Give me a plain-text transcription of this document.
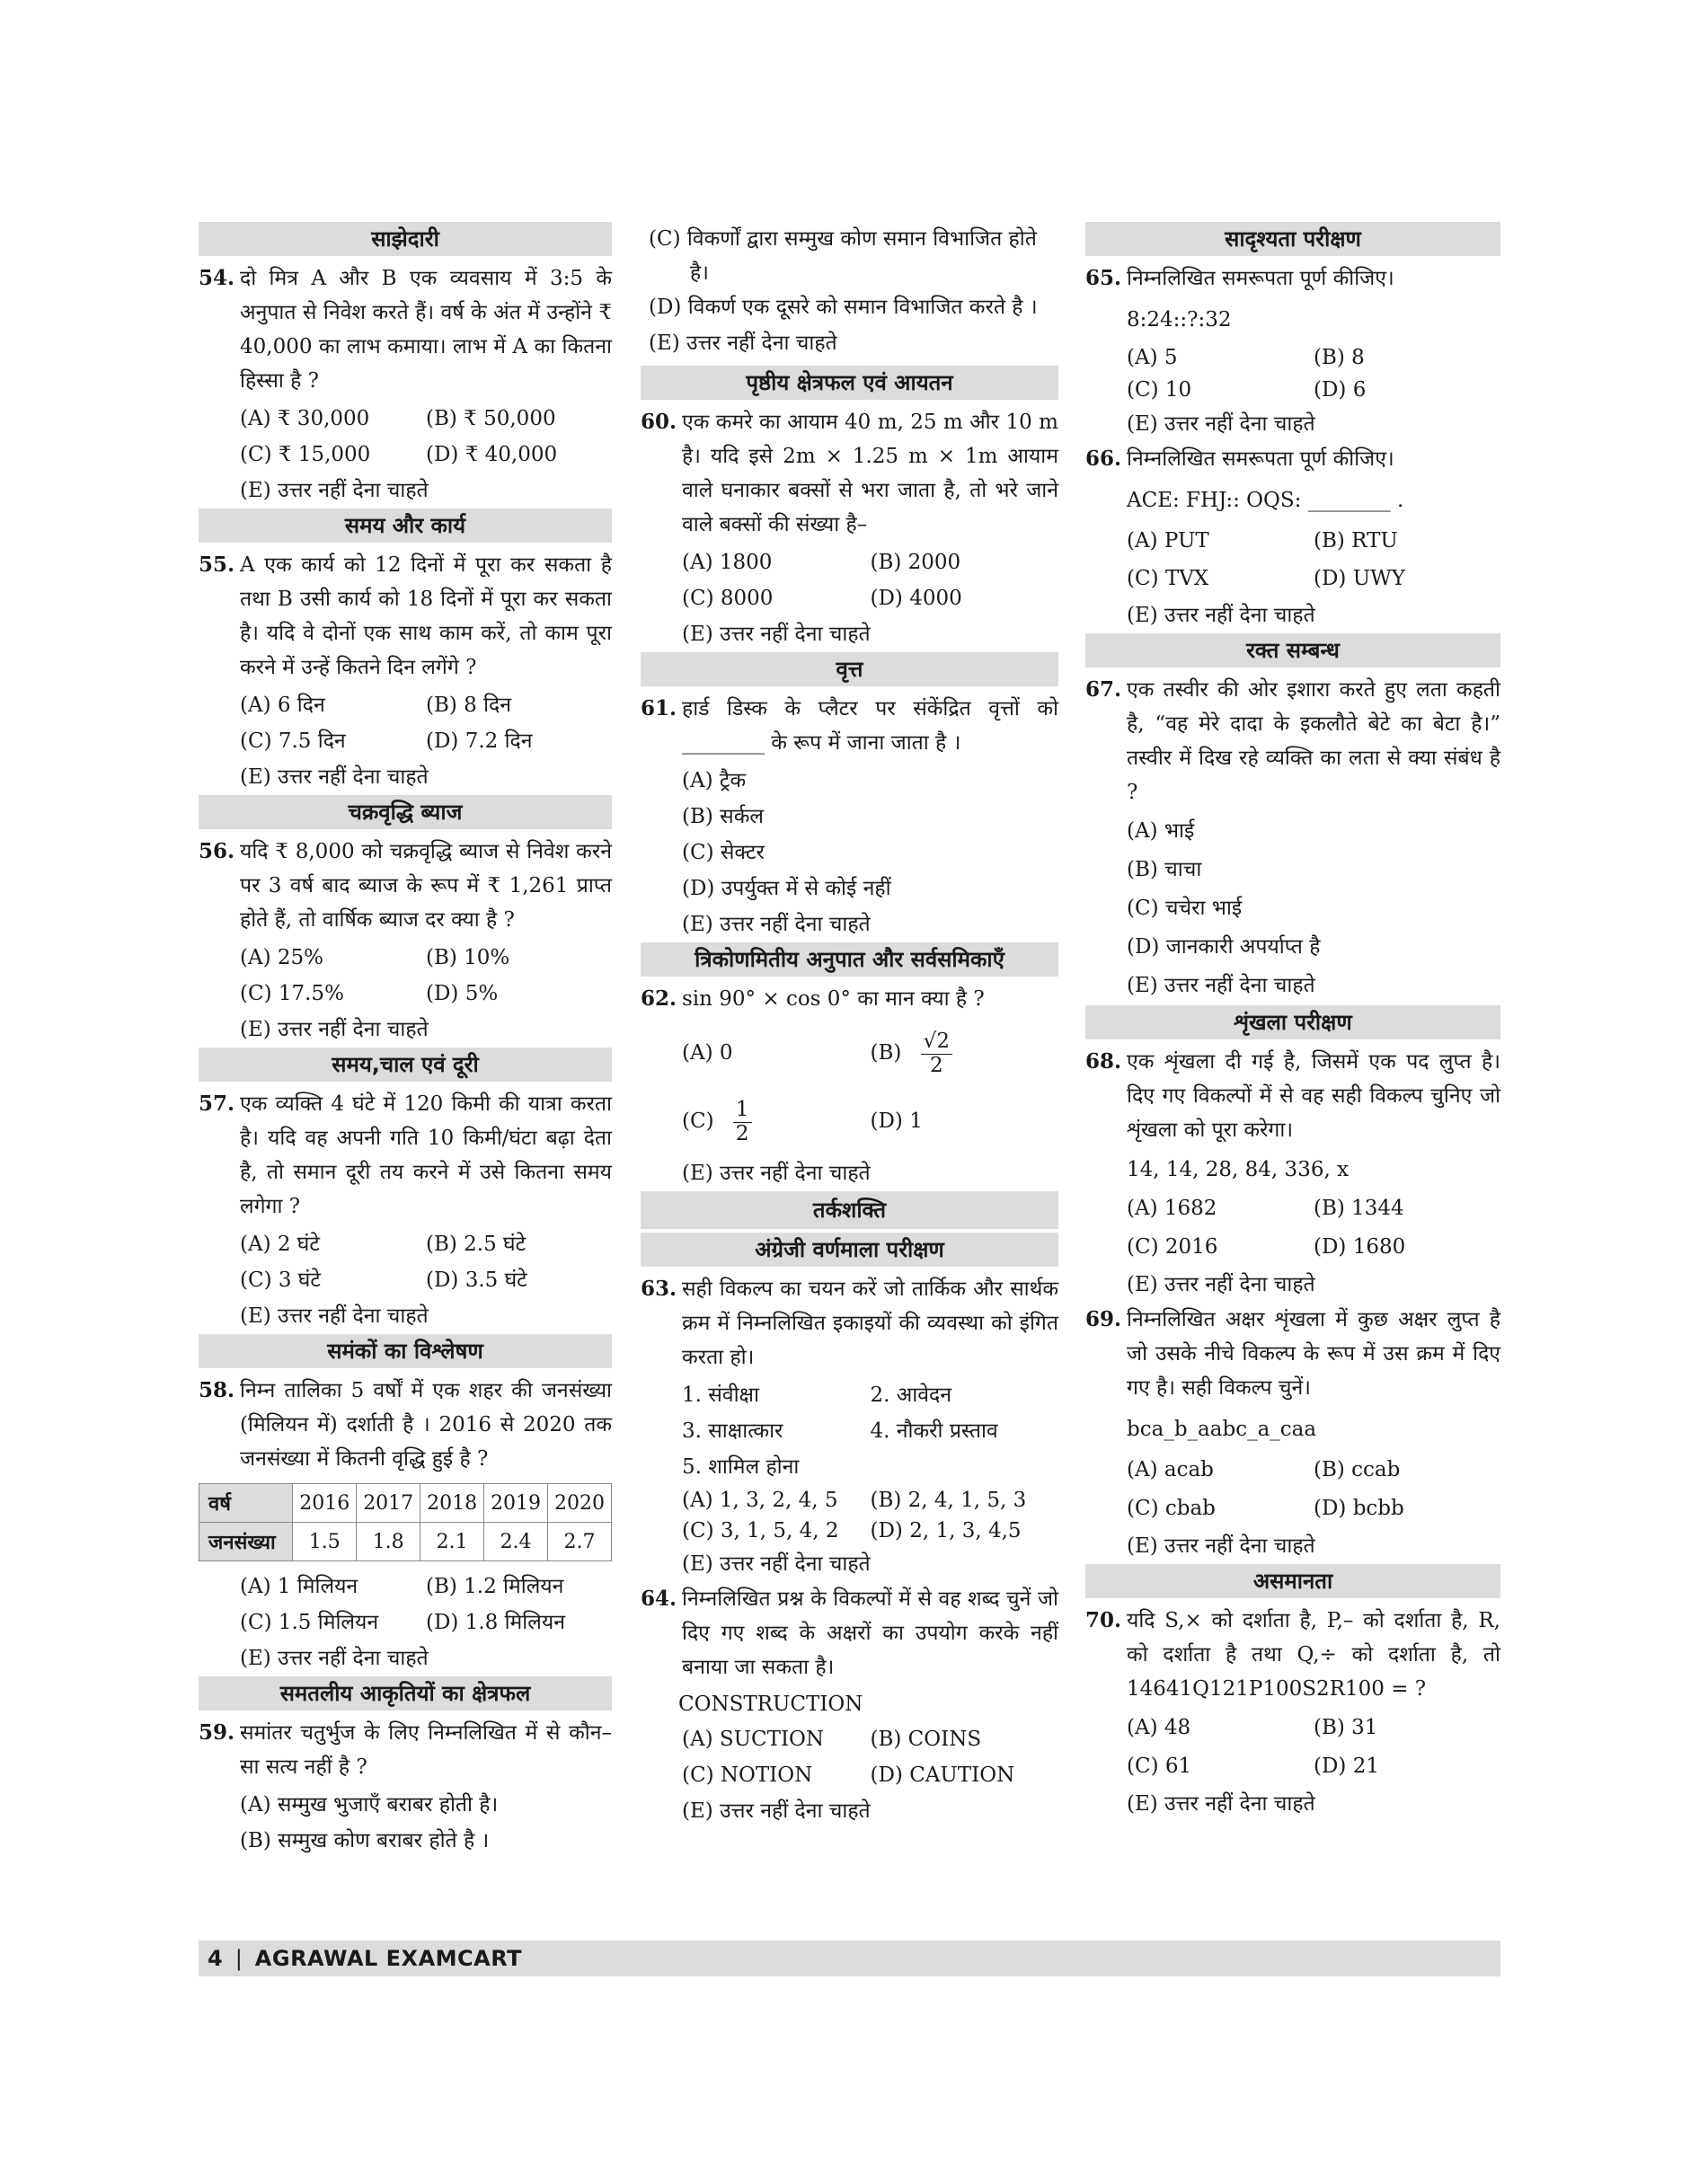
साझेदारी
54. दो मित्र A और B एक व्यवसाय में 3:5 के अनुपात से निवेश करते हैं। वर्ष के अंत में उन्होंने ₹ 40,000 का लाभ कमाया। लाभ में A का कितना हिस्सा है ?
(A) ₹ 30,000	(B) ₹ 50,000
(C) ₹ 15,000	(D) ₹ 40,000
(E) उत्तर नहीं देना चाहते
समय और कार्य
55. A एक कार्य को 12 दिनों में पूरा कर सकता है तथा B उसी कार्य को 18 दिनों में पूरा कर सकता है। यदि वे दोनों एक साथ काम करें, तो काम पूरा करने में उन्हें कितने दिन लगेंगे ?
(A) 6 दिन	(B) 8 दिन
(C) 7.5 दिन	(D) 7.2 दिन
(E) उत्तर नहीं देना चाहते
चक्रवृद्धि ब्याज
56. यदि ₹ 8,000 को चक्रवृद्धि ब्याज से निवेश करने पर 3 वर्ष बाद ब्याज के रूप में ₹ 1,261 प्राप्त होते हैं, तो वार्षिक ब्याज दर क्या है ?
(A) 25%	(B) 10%
(C) 17.5%	(D) 5%
(E) उत्तर नहीं देना चाहते
समय,चाल एवं दूरी
57. एक व्यक्ति 4 घंटे में 120 किमी की यात्रा करता है। यदि वह अपनी गति 10 किमी/घंटा बढ़ा देता है, तो समान दूरी तय करने में उसे कितना समय लगेगा ?
(A) 2 घंटे	(B) 2.5 घंटे
(C) 3 घंटे	(D) 3.5 घंटे
(E) उत्तर नहीं देना चाहते
समंकों का विश्लेषण
58. निम्न तालिका 5 वर्षों में एक शहर की जनसंख्या (मिलियन में) दर्शाती है । 2016 से 2020 तक जनसंख्या में कितनी वृद्धि हुई है ?
वर्ष	2016	2017	2018	2019	2020
जनसंख्या	1.5	1.8	2.1	2.4	2.7
(A) 1 मिलियन	(B) 1.2 मिलियन
(C) 1.5 मिलियन	(D) 1.8 मिलियन
(E) उत्तर नहीं देना चाहते
समतलीय आकृतियों का क्षेत्रफल
59. समांतर चतुर्भुज के लिए निम्नलिखित में से कौन–सा सत्य नहीं है ?
(A) सम्मुख भुजाएँ बराबर होती है।
(B) सम्मुख कोण बराबर होते है ।
(C) विकर्णों द्वारा सम्मुख कोण समान विभाजित होते है।
(D) विकर्ण एक दूसरे को समान विभाजित करते है ।
(E) उत्तर नहीं देना चाहते
पृष्ठीय क्षेत्रफल एवं आयतन
60. एक कमरे का आयाम 40 m, 25 m और 10 m है। यदि इसे 2m × 1.25 m × 1m आयाम वाले घनाकार बक्सों से भरा जाता है, तो भरे जाने वाले बक्सों की संख्या है–
(A) 1800	(B) 2000
(C) 8000	(D) 4000
(E) उत्तर नहीं देना चाहते
वृत्त
61. हार्ड डिस्क के प्लैटर पर संकेंद्रित वृत्तों को ________ के रूप में जाना जाता है ।
(A) ट्रैक
(B) सर्कल
(C) सेक्टर
(D) उपर्युक्त में से कोई नहीं
(E) उत्तर नहीं देना चाहते
त्रिकोणमितीय अनुपात और सर्वसमिकाएँ
62. sin 90° × cos 0° का मान क्या है ?
(A) 0	$(B) \frac{√2}{2}$
$(C) \frac{1}{2}$	(D) 1
(E) उत्तर नहीं देना चाहते
तर्कशक्ति
अंग्रेजी वर्णमाला परीक्षण
63. सही विकल्प का चयन करें जो तार्किक और सार्थक क्रम में निम्नलिखित इकाइयों की व्यवस्था को इंगित करता हो।
1. संवीक्षा	2. आवेदन
3. साक्षात्कार	4. नौकरी प्रस्ताव
5. शामिल होना
(A) 1, 3, 2, 4, 5	(B) 2, 4, 1, 5, 3
(C) 3, 1, 5, 4, 2	(D) 2, 1, 3, 4,5
(E) उत्तर नहीं देना चाहते
64. निम्नलिखित प्रश्न के विकल्पों में से वह शब्द चुनें जो दिए गए शब्द के अक्षरों का उपयोग करके नहीं बनाया जा सकता है।
CONSTRUCTION
(A) SUCTION	(B) COINS
(C) NOTION	(D) CAUTION
(E) उत्तर नहीं देना चाहते
सादृश्यता परीक्षण
65. निम्नलिखित समरूपता पूर्ण कीजिए।
8:24::?:32
(A) 5	(B) 8
(C) 10	(D) 6
(E) उत्तर नहीं देना चाहते
66. निम्नलिखित समरूपता पूर्ण कीजिए।
ACE: FHJ:: OQS: ________ .
(A) PUT	(B) RTU
(C) TVX	(D) UWY
(E) उत्तर नहीं देना चाहते
रक्त सम्बन्ध
67. एक तस्वीर की ओर इशारा करते हुए लता कहती है, “वह मेरे दादा के इकलौते बेटे का बेटा है।” तस्वीर में दिख रहे व्यक्ति का लता से क्या संबंध है ?
(A) भाई
(B) चाचा
(C) चचेरा भाई
(D) जानकारी अपर्याप्त है
(E) उत्तर नहीं देना चाहते
शृंखला परीक्षण
68. एक शृंखला दी गई है, जिसमें एक पद लुप्त है। दिए गए विकल्पों में से वह सही विकल्प चुनिए जो शृंखला को पूरा करेगा।
14, 14, 28, 84, 336, x
(A) 1682	(B) 1344
(C) 2016	(D) 1680
(E) उत्तर नहीं देना चाहते
69. निम्नलिखित अक्षर शृंखला में कुछ अक्षर लुप्त है जो उसके नीचे विकल्प के रूप में उस क्रम में दिए गए है। सही विकल्प चुनें।
bca_b_aabc_a_caa
(A) acab	(B) ccab
(C) cbab	(D) bcbb
(E) उत्तर नहीं देना चाहते
असमानता
70. यदि S,× को दर्शाता है, P,– को दर्शाता है, R, को दर्शाता है तथा Q,÷ को दर्शाता है, तो 14641Q121P100S2R100 = ?
(A) 48	(B) 31
(C) 61	(D) 21
(E) उत्तर नहीं देना चाहते
4 | AGRAWAL EXAMCART
